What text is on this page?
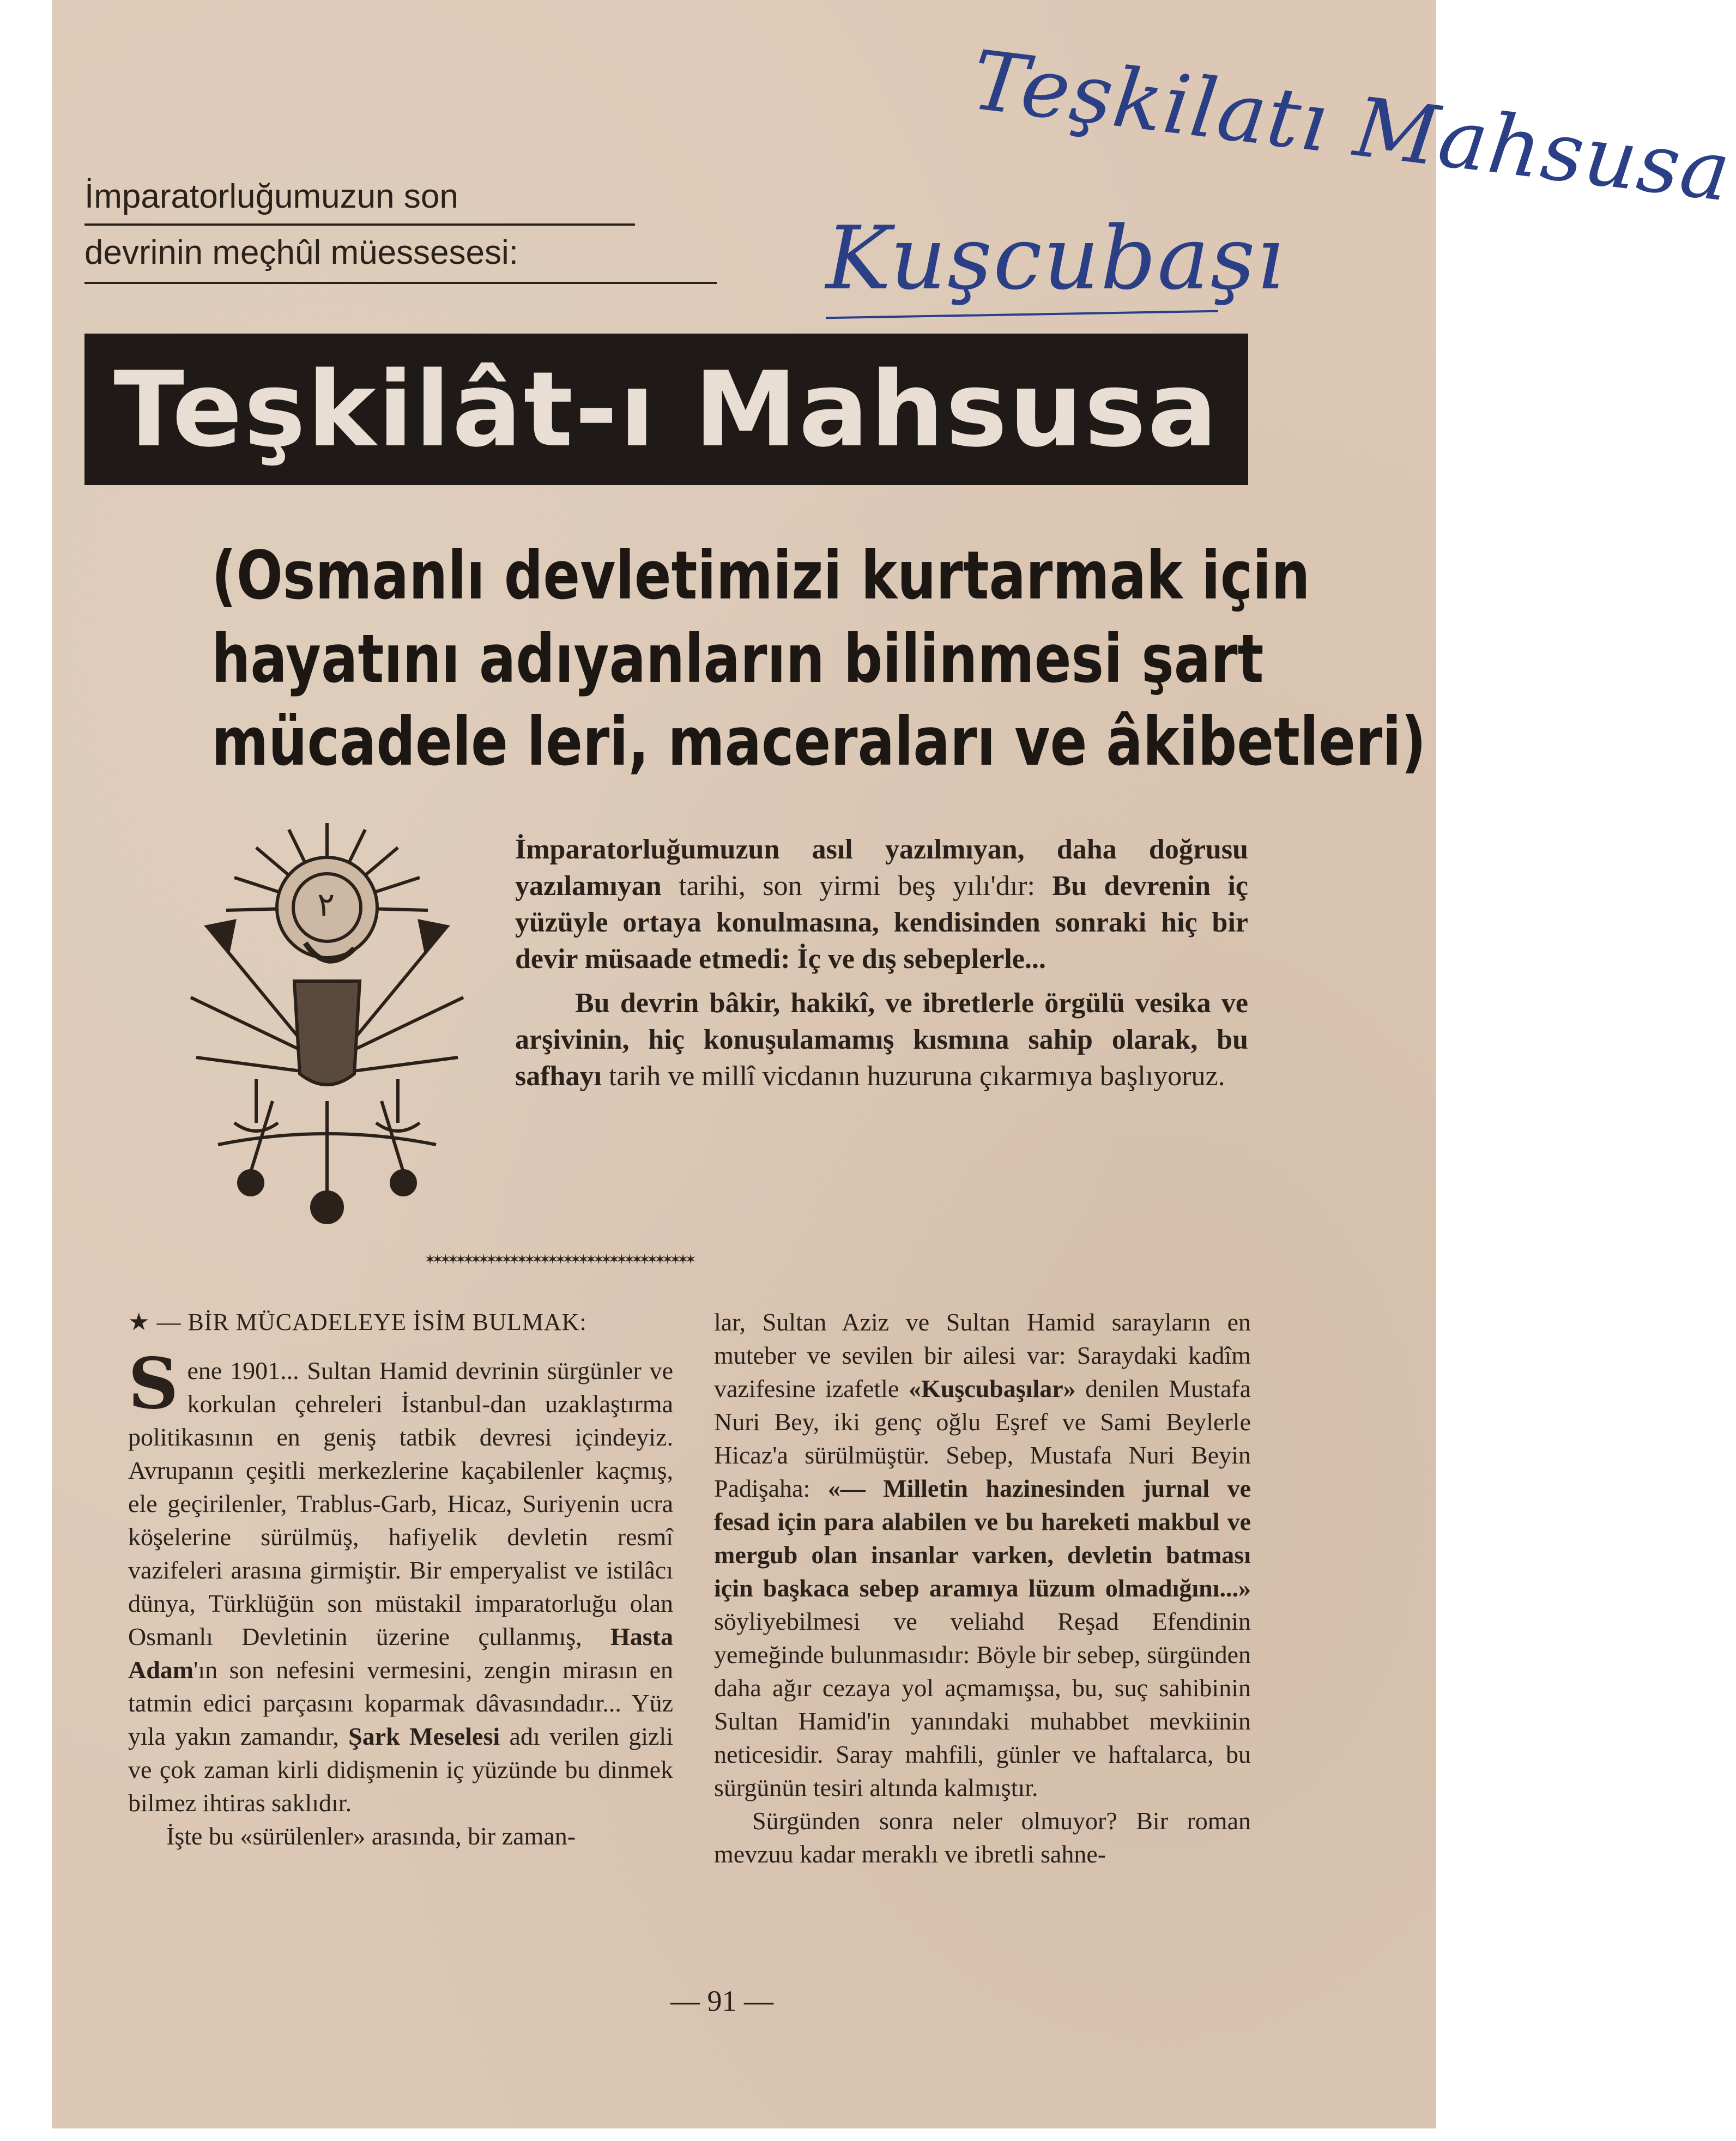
Teşkilatı Mahsusa
Kuşcubaşı
İmparatorluğumuzun son
devrinin meçhûl müessesesi:
Teşkilât-ı Mahsusa
(Osmanlı devletimizi kurtarmak için
hayatını adıyanların bilinmesi şart
mücadele leri, maceraları ve âkibetleri)
٢

İmparatorluğumuzun asıl yazılmıyan, daha doğrusu yazılamıyan tarihi, son yirmi beş yılı'dır: Bu devrenin iç yüzüyle ortaya konulmasına, kendisinden sonraki hiç bir devir müsaade etmedi: İç ve dış sebeplerle...

Bu devrin bâkir, hakikî, ve ibretlerle örgülü vesika ve arşivinin, hiç konuşulamamış kısmına sahip olarak, bu safhayı tarih ve millî vicdanın huzuruna çıkarmıya başlıyoruz.

✶✶✶✶✶✶✶✶✶✶✶✶✶✶✶✶✶✶✶✶✶✶✶✶✶✶✶✶✶✶✶✶✶✶✶

★ — BİR MÜCADELEYE İSİM BULMAK:

Sene 1901... Sultan Hamid devrinin sürgünler ve korkulan çehreleri İstanbul-dan uzaklaştırma politikasının en geniş tatbik devresi içindeyiz. Avrupanın çeşitli merkezlerine kaçabilenler kaçmış, ele geçirilenler, Trablus-Garb, Hicaz, Suriyenin ucra köşelerine sürülmüş, hafiyelik devletin resmî vazifeleri arasına girmiştir. Bir emperyalist ve istilâcı dünya, Türklüğün son müstakil imparatorluğu olan Osmanlı Devletinin üzerine çullanmış, Hasta Adam'ın son nefesini vermesini, zengin mirasın en tatmin edici parçasını koparmak dâvasındadır... Yüz yıla yakın zamandır, Şark Meselesi adı verilen gizli ve çok zaman kirli didişmenin iç yüzünde bu dinmek bilmez ihtiras saklıdır.

İşte bu «sürülenler» arasında, bir zaman-

lar, Sultan Aziz ve Sultan Hamid sarayların en muteber ve sevilen bir ailesi var: Saraydaki kadîm vazifesine izafetle «Kuşcubaşılar» denilen Mustafa Nuri Bey, iki genç oğlu Eşref ve Sami Beylerle Hicaz'a sürülmüştür. Sebep, Mustafa Nuri Beyin Padişaha: «— Milletin hazinesinden jurnal ve fesad için para alabilen ve bu hareketi makbul ve mergub olan insanlar varken, devletin batması için başkaca sebep aramıya lüzum olmadığını...» söyliyebilmesi ve veliahd Reşad Efendinin yemeğinde bulunmasıdır: Böyle bir sebep, sürgünden daha ağır cezaya yol açmamışsa, bu, suç sahibinin Sultan Hamid'in yanındaki muhabbet mevkiinin neticesidir. Saray mahfili, günler ve haftalarca, bu sürgünün tesiri altında kalmıştır.

Sürgünden sonra neler olmuyor? Bir roman mevzuu kadar meraklı ve ibretli sahne-

— 91 —
